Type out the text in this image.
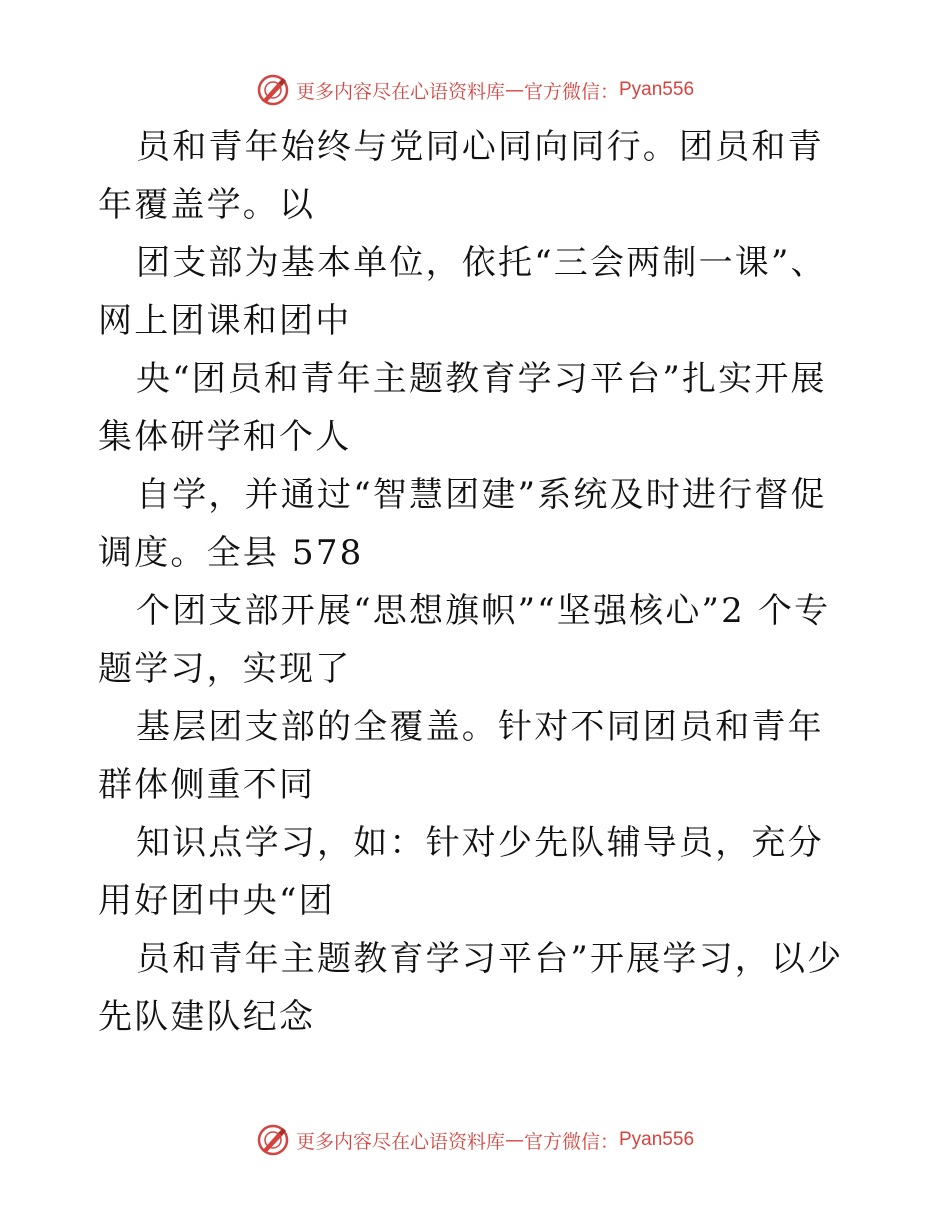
更多内容尽在心语资料库 — 官方微信： Pyan556

员和青年始终与党同心同向同行。团员和青年覆盖学。以

团支部为基本单位，依托“三会两制一课”、网上团课和团中

央“团员和青年主题教育学习平台”扎实开展集体研学和个人

自学，并通过“智慧团建”系统及时进行督促调度。全县 578

个团支部开展“思想旗帜”“坚强核心”2 个专题学习，实现了

基层团支部的全覆盖。针对不同团员和青年群体侧重不同

知识点学习，如：针对少先队辅导员，充分用好团中央“团

员和青年主题教育学习平台”开展学习，以少先队建队纪念

更多内容尽在心语资料库 — 官方微信： Pyan556
